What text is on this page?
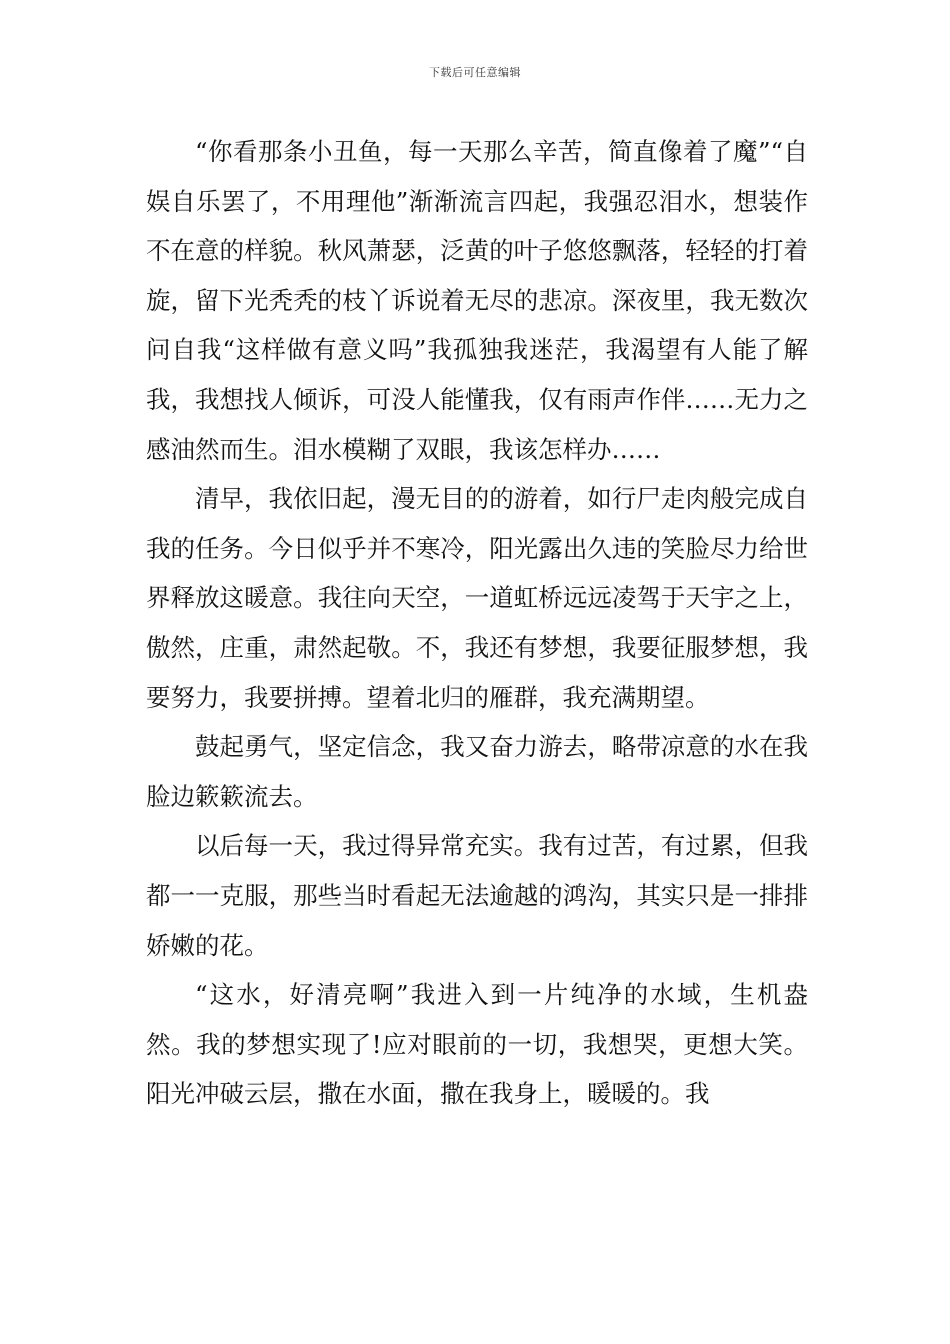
下载后可任意编辑

“你看那条小丑鱼，每一天那么辛苦，简直像着了魔”“自娱自乐罢了，不用理他”渐渐流言四起，我强忍泪水，想装作不在意的样貌。秋风萧瑟，泛黄的叶子悠悠飘落，轻轻的打着旋，留下光秃秃的枝丫诉说着无尽的悲凉。深夜里，我无数次问自我“这样做有意义吗”我孤独我迷茫，我渴望有人能了解我，我想找人倾诉，可没人能懂我，仅有雨声作伴……无力之感油然而生。泪水模糊了双眼，我该怎样办……

清早，我依旧起，漫无目的的游着，如行尸走肉般完成自我的任务。今日似乎并不寒冷，阳光露出久违的笑脸尽力给世界释放这暖意。我往向天空，一道虹桥远远凌驾于天宇之上，傲然，庄重，肃然起敬。不，我还有梦想，我要征服梦想，我要努力，我要拼搏。望着北归的雁群，我充满期望。

鼓起勇气，坚定信念，我又奋力游去，略带凉意的水在我脸边簌簌流去。

以后每一天，我过得异常充实。我有过苦，有过累，但我都一一克服，那些当时看起无法逾越的鸿沟，其实只是一排排娇嫩的花。

“这水，好清亮啊”我进入到一片纯净的水域，生机盎然。我的梦想实现了!应对眼前的一切，我想哭，更想大笑。阳光冲破云层，撒在水面，撒在我身上，暖暖的。我
